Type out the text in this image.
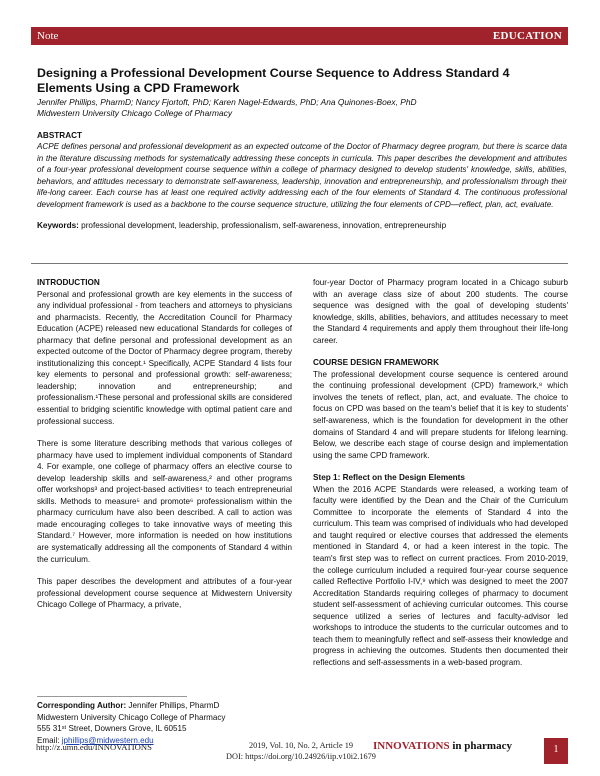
Note	EDUCATION
Designing a Professional Development Course Sequence to Address Standard 4 Elements Using a CPD Framework
Jennifer Phillips, PharmD; Nancy Fjortoft, PhD; Karen Nagel-Edwards, PhD; Ana Quinones-Boex, PhD
Midwestern University Chicago College of Pharmacy
ABSTRACT
ACPE defines personal and professional development as an expected outcome of the Doctor of Pharmacy degree program, but there is scarce data in the literature discussing methods for systematically addressing these concepts in curricula. This paper describes the development and attributes of a four-year professional development course sequence within a college of pharmacy designed to develop students' knowledge, skills, abilities, behaviors, and attitudes necessary to demonstrate self-awareness, leadership, innovation and entrepreneurship, and professionalism through their life-long career. Each course has at least one required activity addressing each of the four elements of Standard 4. The continuous professional development framework is used as a backbone to the course sequence structure, utilizing the four elements of CPD—reflect, plan, act, evaluate.
Keywords: professional development, leadership, professionalism, self-awareness, innovation, entrepreneurship

INTRODUCTION

Personal and professional growth are key elements in the success of any individual professional - from teachers and attorneys to physicians and pharmacists. Recently, the Accreditation Council for Pharmacy Education (ACPE) released new educational Standards for colleges of pharmacy that define personal and professional development as an expected outcome of the Doctor of Pharmacy degree program, thereby institutionalizing this concept.¹ Specifically, ACPE Standard 4 lists four key elements to personal and professional growth: self-awareness; leadership; innovation and entrepreneurship; and professionalism.¹These personal and professional skills are considered essential to bridging scientific knowledge with optimal patient care and professional success.

There is some literature describing methods that various colleges of pharmacy have used to implement individual components of Standard 4. For example, one college of pharmacy offers an elective course to develop leadership skills and self-awareness,² and other programs offer workshops³ and project-based activities⁴ to teach entrepreneurial skills. Methods to measure⁵ and promote⁶ professionalism within the pharmacy curriculum have also been described. A call to action was made encouraging colleges to take innovative ways of meeting this Standard.⁷ However, more information is needed on how institutions are systematically addressing all the components of Standard 4 within the curriculum.

This paper describes the development and attributes of a four-year professional development course sequence at Midwestern University Chicago College of Pharmacy, a private,

Corresponding Author: Jennifer Phillips, PharmD
Midwestern University Chicago College of Pharmacy
555 31ˢᵗ Street, Downers Grove, IL 60515
Email: jphillips@midwestern.edu

four-year Doctor of Pharmacy program located in a Chicago suburb with an average class size of about 200 students. The course sequence was designed with the goal of developing students' knowledge, skills, abilities, behaviors, and attitudes necessary to meet the Standard 4 requirements and apply them throughout their life-long career.

COURSE DESIGN FRAMEWORK

The professional development course sequence is centered around the continuing professional development (CPD) framework,⁸ which involves the tenets of reflect, plan, act, and evaluate. The choice to focus on CPD was based on the team's belief that it is key to students' self-awareness, which is the foundation for development in the other domains of Standard 4 and will prepare students for lifelong learning. Below, we describe each stage of course design and implementation using the same CPD framework.

Step 1: Reflect on the Design Elements

When the 2016 ACPE Standards were released, a working team of faculty were identified by the Dean and the Chair of the Curriculum Committee to incorporate the elements of Standard 4 into the curriculum. This team was comprised of individuals who had developed and taught required or elective courses that addressed the elements mentioned in Standard 4, or had a keen interest in the topic. The team's first step was to reflect on current practices. From 2010-2019, the college curriculum included a required four-year course sequence called Reflective Portfolio I-IV,⁹ which was designed to meet the 2007 Accreditation Standards requiring colleges of pharmacy to document student self-assessment of achieving curricular outcomes. This course sequence utilized a series of lectures and faculty-advisor led workshops to introduce the students to the curricular outcomes and to teach them to meaningfully reflect and self-assess their knowledge and progress in achieving the outcomes. Students then documented their reflections and self-assessments in a web-based program.

http://z.umn.edu/INNOVATIONS	2019, Vol. 10, No. 2, Article 19
DOI: https://doi.org/10.24926/iip.v10i2.1679
INNOVATIONS in pharmacy	1
